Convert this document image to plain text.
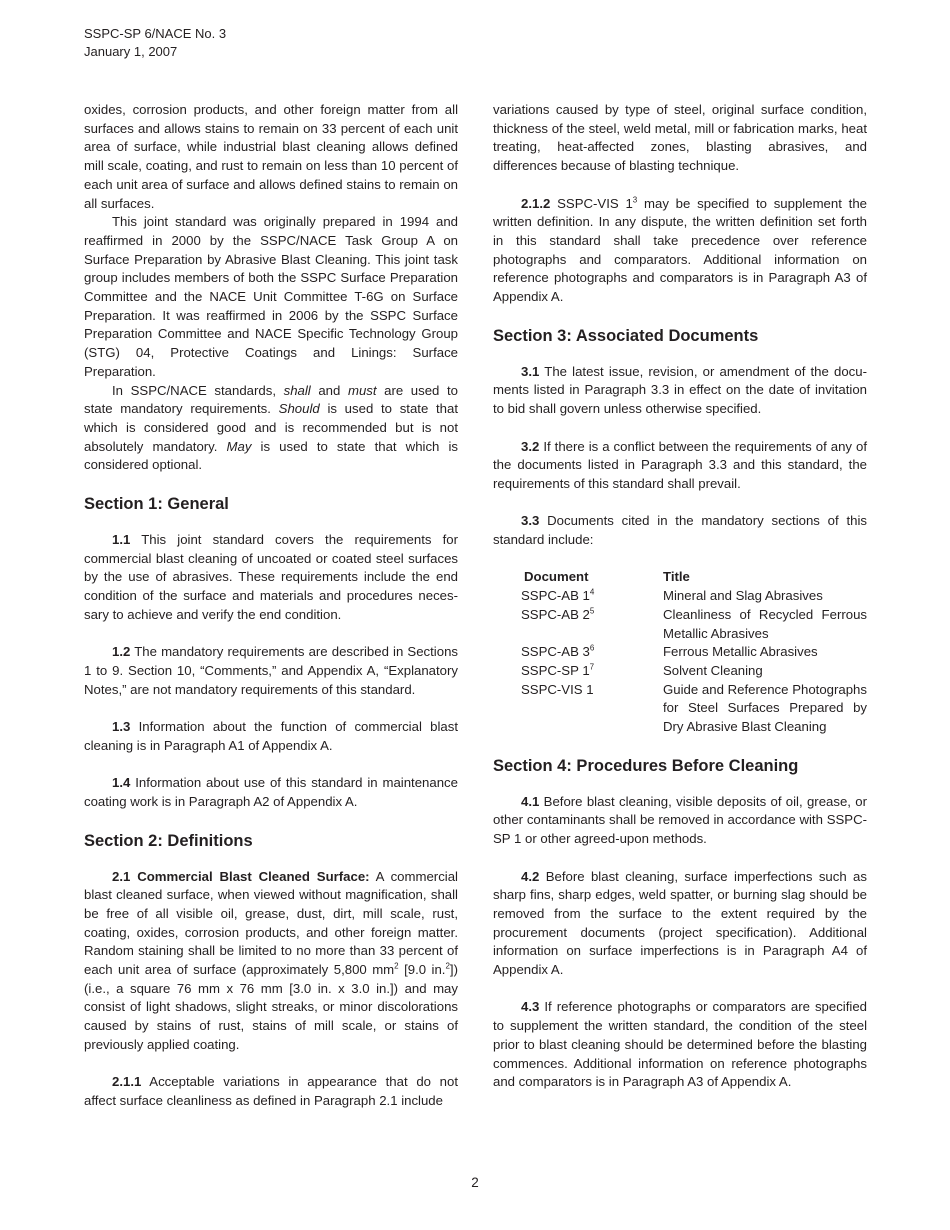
SSPC-SP 6/NACE No. 3
January 1, 2007

oxides, corrosion products, and other foreign matter from all surfaces and allows stains to remain on 33 percent of each unit area of surface, while industrial blast cleaning allows defined mill scale, coating, and rust to remain on less than 10 percent of each unit area of surface and allows defined stains to remain on all surfaces.

This joint standard was originally prepared in 1994 and reaffirmed in 2000 by the SSPC/NACE Task Group A on Surface Preparation by Abrasive Blast Cleaning. This joint task group includes members of both the SSPC Surface Preparation Committee and the NACE Unit Committee T-6G on Surface Preparation. It was reaffirmed in 2006 by the SSPC Surface Preparation Committee and NACE Specific Technology Group (STG) 04, Protective Coatings and Linings: Surface Preparation.

In SSPC/NACE standards, shall and must are used to state mandatory requirements. Should is used to state that which is considered good and is recommended but is not absolutely mandatory. May is used to state that which is considered optional.

Section 1: General

1.1 This joint standard covers the requirements for commercial blast cleaning of uncoated or coated steel surfaces by the use of abrasives. These requirements include the end condition of the surface and materials and procedures neces-sary to achieve and verify the end condition.

1.2 The mandatory requirements are described in Sections 1 to 9. Section 10, “Comments,” and Appendix A, “Explanatory Notes,” are not mandatory requirements of this standard.

1.3 Information about the function of commercial blast cleaning is in Paragraph A1 of Appendix A.

1.4 Information about use of this standard in maintenance coating work is in Paragraph A2 of Appendix A.

Section 2: Definitions

2.1 Commercial Blast Cleaned Surface: A commercial blast cleaned surface, when viewed without magnification, shall be free of all visible oil, grease, dust, dirt, mill scale, rust, coating, oxides, corrosion products, and other foreign matter. Random staining shall be limited to no more than 33 percent of each unit area of surface (approximately 5,800 $mm^2$ [9.0 in.$^2$]) (i.e., a square 76 mm x 76 mm [3.0 in. x 3.0 in.]) and may consist of light shadows, slight streaks, or minor discolorations caused by stains of rust, stains of mill scale, or stains of previously applied coating.

2.1.1 Acceptable variations in appearance that do not affect surface cleanliness as defined in Paragraph 2.1 include

variations caused by type of steel, original surface condition, thickness of the steel, weld metal, mill or fabrication marks, heat treating, heat-affected zones, blasting abrasives, and differences because of blasting technique.

2.1.2 SSPC-VIS $1^3$ may be specified to supplement the written definition. In any dispute, the written definition set forth in this standard shall take precedence over reference photographs and comparators. Additional information on reference photographs and comparators is in Paragraph A3 of Appendix A.

Section 3: Associated Documents

3.1 The latest issue, revision, or amendment of the docu-ments listed in Paragraph 3.3 in effect on the date of invitation to bid shall govern unless otherwise specified.

3.2 If there is a conflict between the requirements of any of the documents listed in Paragraph 3.3 and this standard, the requirements of this standard shall prevail.

3.3 Documents cited in the mandatory sections of this standard include:

Document	Title
SSPC-AB $1^4$	Mineral and Slag Abrasives
SSPC-AB $2^5$	Cleanliness of Recycled Ferrous Metallic Abrasives
SSPC-AB $3^6$	Ferrous Metallic Abrasives
SSPC-SP $1^7$	Solvent Cleaning
SSPC-VIS 1	Guide and Reference Photographs for Steel Surfaces Prepared by Dry Abrasive Blast Cleaning
Section 4: Procedures Before Cleaning

4.1 Before blast cleaning, visible deposits of oil, grease, or other contaminants shall be removed in accordance with SSPC-SP 1 or other agreed-upon methods.

4.2 Before blast cleaning, surface imperfections such as sharp fins, sharp edges, weld spatter, or burning slag should be removed from the surface to the extent required by the procurement documents (project specification). Additional information on surface imperfections is in Paragraph A4 of Appendix A.

4.3 If reference photographs or comparators are specified to supplement the written standard, the condition of the steel prior to blast cleaning should be determined before the blasting commences. Additional information on reference photographs and comparators is in Paragraph A3 of Appendix A.

2
